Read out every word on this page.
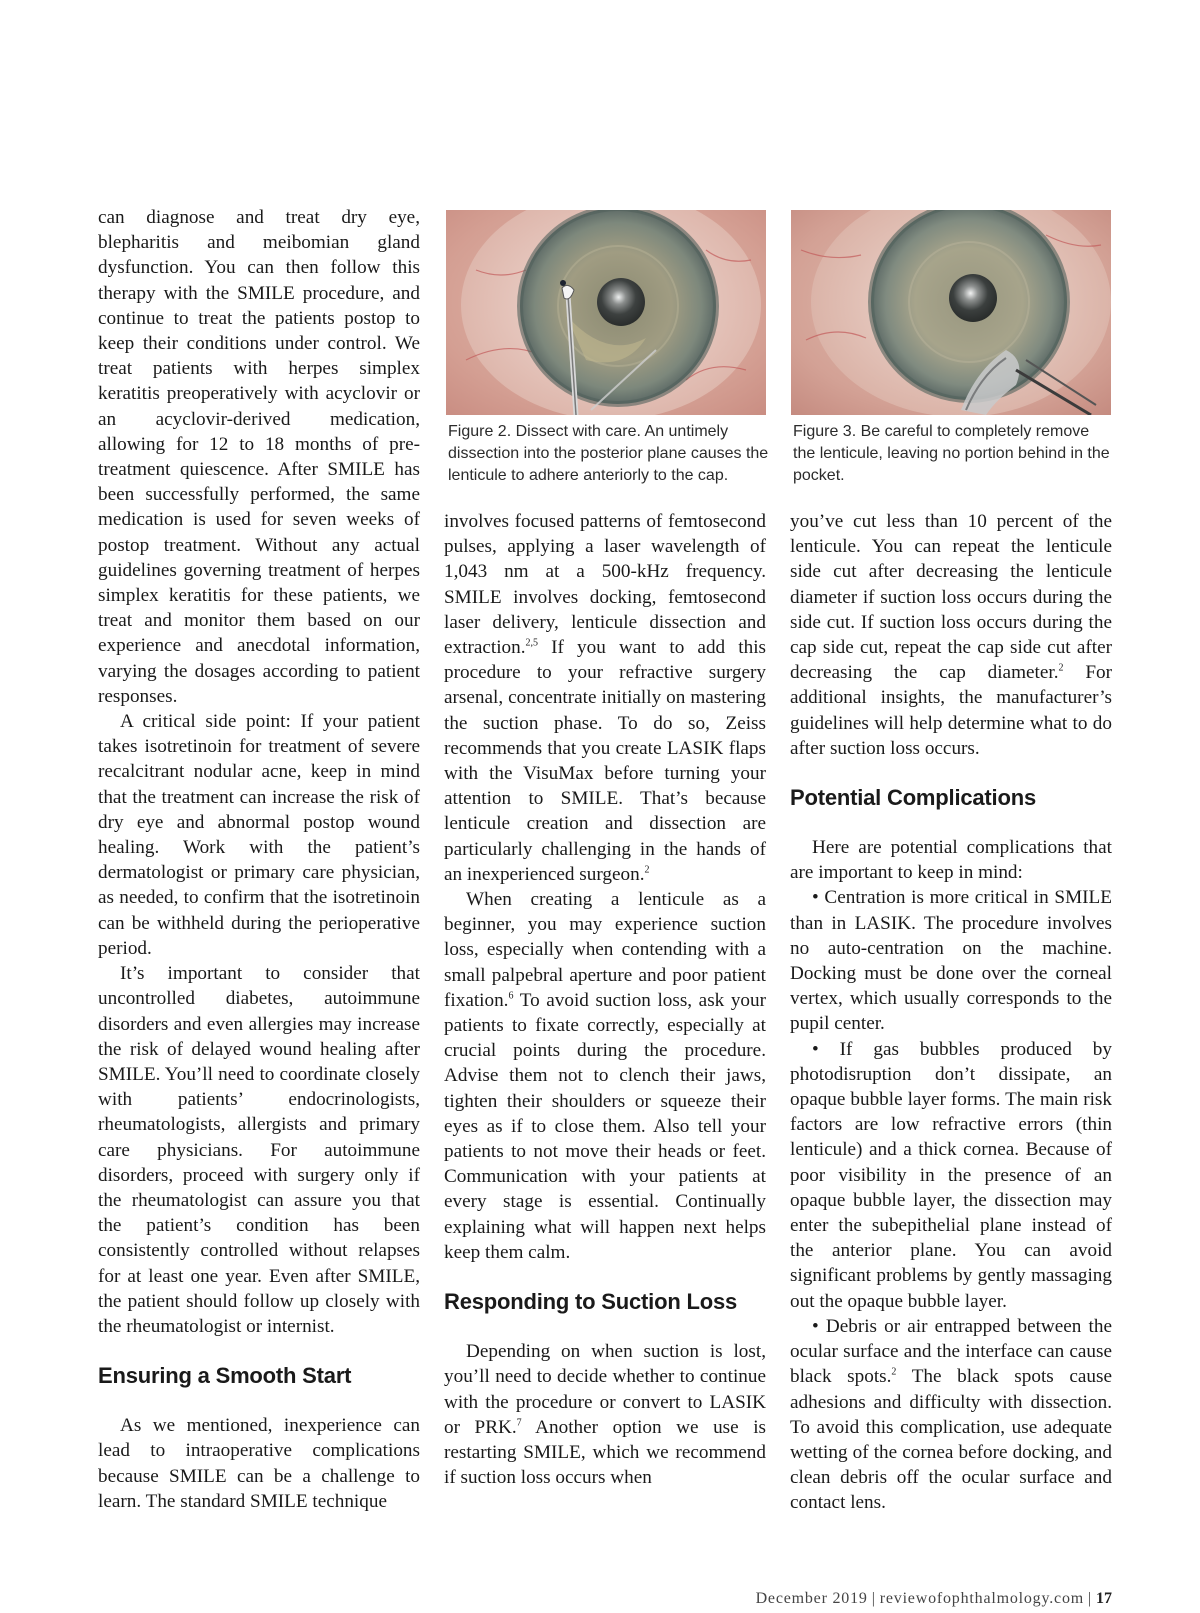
Figure 2. Dissect with care. An untimely dissection into the posterior plane causes the lenticule to adhere anteriorly to the cap.
Figure 3. Be careful to completely remove the lenticule, leaving no portion behind in the pocket.

can diagnose and treat dry eye, blepharitis and meibomian gland dysfunction. You can then follow this therapy with the SMILE procedure, and continue to treat the patients postop to keep their conditions under control. We treat patients with herpes simplex keratitis preoperatively with acyclovir or an acyclovir-derived medication, allowing for 12 to 18 months of pre-treatment quiescence. After SMILE has been successfully performed, the same medication is used for seven weeks of postop treatment. Without any actual guidelines governing treatment of herpes simplex keratitis for these patients, we treat and monitor them based on our experience and anecdotal information, varying the dosages according to patient responses.

A critical side point: If your patient takes isotretinoin for treatment of severe recalcitrant nodular acne, keep in mind that the treatment can increase the risk of dry eye and abnormal postop wound healing. Work with the patient’s dermatologist or primary care physician, as needed, to confirm that the isotretinoin can be withheld during the perioperative period.

It’s important to consider that uncontrolled diabetes, autoimmune disorders and even allergies may increase the risk of delayed wound healing after SMILE. You’ll need to coordinate closely with patients’ endocrinologists, rheumatologists, allergists and primary care physicians. For autoimmune disorders, proceed with surgery only if the rheumatologist can assure you that the patient’s condition has been consistently controlled without relapses for at least one year. Even after SMILE, the patient should follow up closely with the rheumatologist or internist.

Ensuring a Smooth Start

As we mentioned, inexperience can lead to intraoperative complications because SMILE can be a challenge to learn. The standard SMILE technique

involves focused patterns of femtosecond pulses, applying a laser wavelength of 1,043 nm at a 500-kHz frequency. SMILE involves docking, femtosecond laser delivery, lenticule dissection and extraction.$^{2,5}$ If you want to add this procedure to your refractive surgery arsenal, concentrate initially on mastering the suction phase. To do so, Zeiss recommends that you create LASIK flaps with the VisuMax before turning your attention to SMILE. That’s because lenticule creation and dissection are particularly challenging in the hands of an inexperienced surgeon.$^2$

When creating a lenticule as a beginner, you may experience suction loss, especially when contending with a small palpebral aperture and poor patient fixation.$^6$ To avoid suction loss, ask your patients to fixate correctly, especially at crucial points during the procedure. Advise them not to clench their jaws, tighten their shoulders or squeeze their eyes as if to close them. Also tell your patients to not move their heads or feet. Communication with your patients at every stage is essential. Continually explaining what will happen next helps keep them calm.

Responding to Suction Loss

Depending on when suction is lost, you’ll need to decide whether to continue with the procedure or convert to LASIK or PRK.$^7$ Another option we use is restarting SMILE, which we recommend if suction loss occurs when

you’ve cut less than 10 percent of the lenticule. You can repeat the lenticule side cut after decreasing the lenticule diameter if suction loss occurs during the side cut. If suction loss occurs during the cap side cut, repeat the cap side cut after decreasing the cap diameter.$^2$ For additional insights, the manufacturer’s guidelines will help determine what to do after suction loss occurs.

Potential Complications

Here are potential complications that are important to keep in mind:

• Centration is more critical in SMILE than in LASIK. The procedure involves no auto-centration on the machine. Docking must be done over the corneal vertex, which usually corresponds to the pupil center.

• If gas bubbles produced by photodisruption don’t dissipate, an opaque bubble layer forms. The main risk factors are low refractive errors (thin lenticule) and a thick cornea. Because of poor visibility in the presence of an opaque bubble layer, the dissection may enter the subepithelial plane instead of the anterior plane. You can avoid significant problems by gently massaging out the opaque bubble layer.

• Debris or air entrapped between the ocular surface and the interface can cause black spots.$^2$ The black spots cause adhesions and difficulty with dissection. To avoid this complication, use adequate wetting of the cornea before docking, and clean debris off the ocular surface and contact lens.

December 2019 | reviewofophthalmology.com | 17
